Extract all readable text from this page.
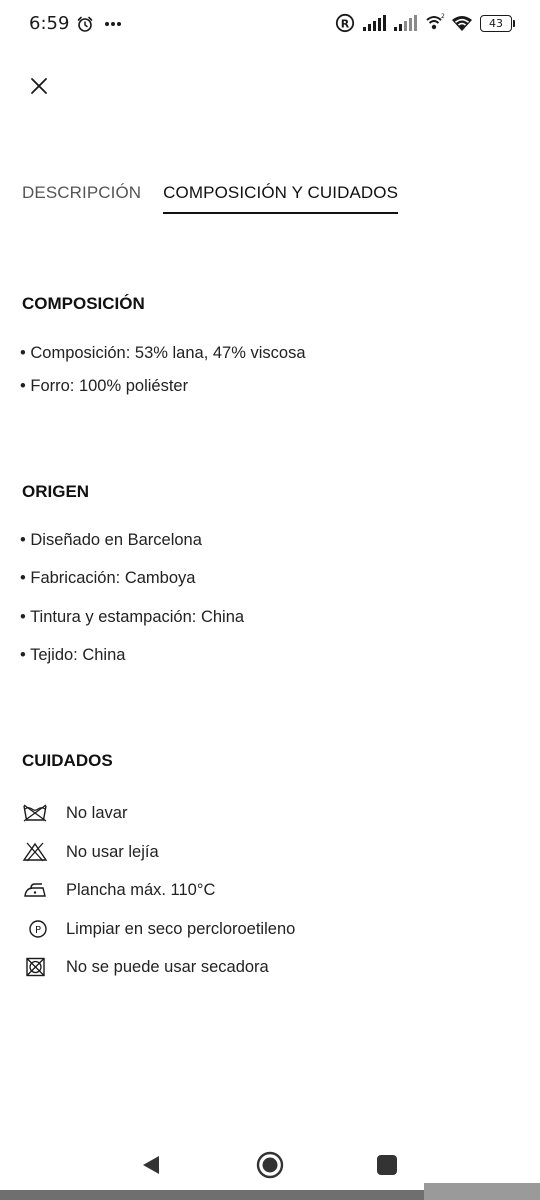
6:59	R
2	43
DESCRIPCIÓN COMPOSICIÓN Y CUIDADOS
COMPOSICIÓN
• Composición: 53% lana, 47% viscosa
• Forro: 100% poliéster
ORIGEN
• Diseñado en Barcelona
• Fabricación: Camboya
• Tintura y estampación: China
• Tejido: China
CUIDADOS
No lavar
No usar lejía
Plancha máx. 110°C
P Limpiar en seco percloroetileno
No se puede usar secadora
